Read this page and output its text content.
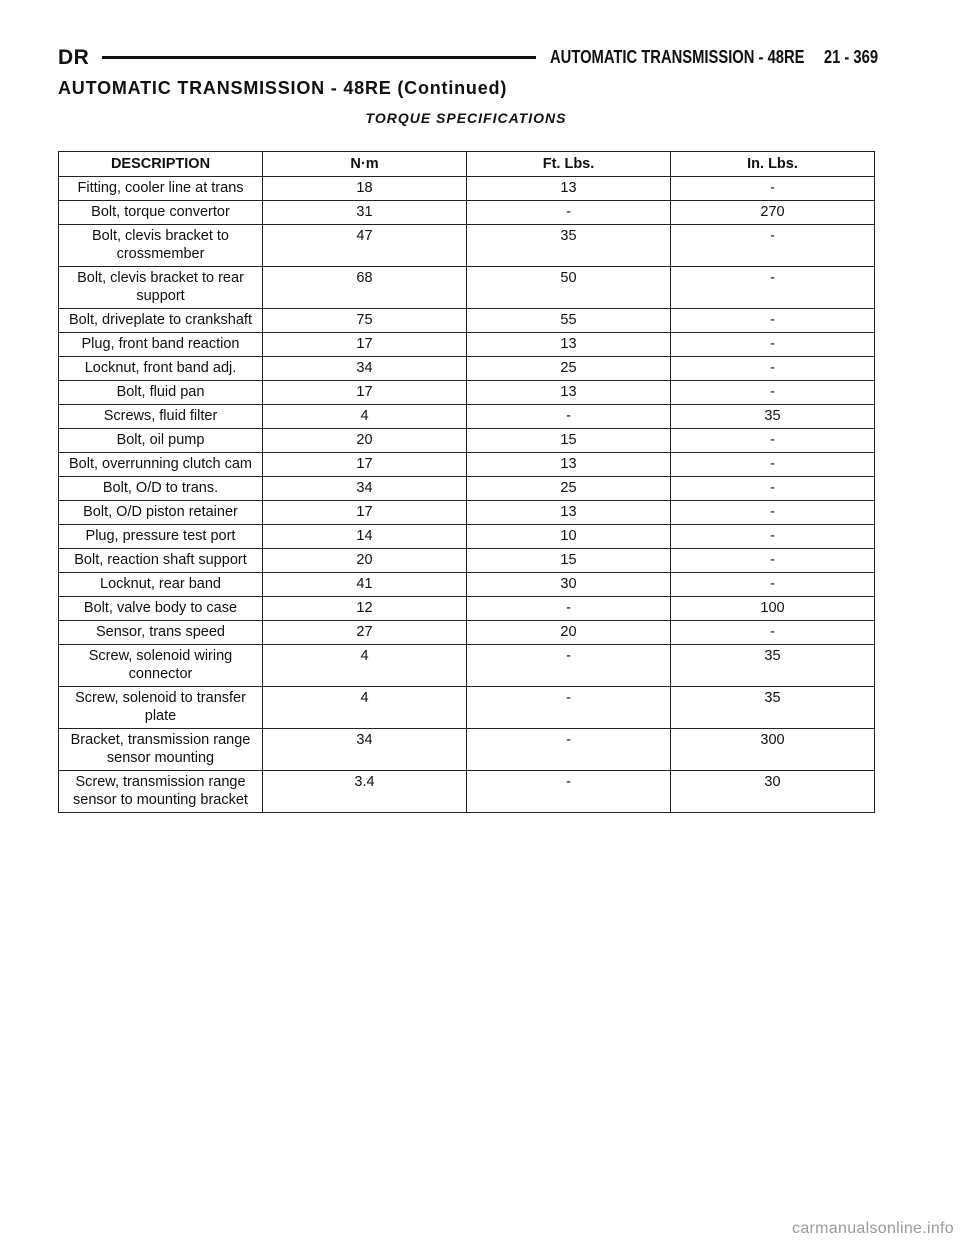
DR	AUTOMATIC TRANSMISSION - 48RE 21 - 369
AUTOMATIC TRANSMISSION - 48RE (Continued)
TORQUE SPECIFICATIONS
DESCRIPTION	N·m	Ft. Lbs.	In. Lbs.
Fitting, cooler line at trans	18	13	-
Bolt, torque convertor	31	-	270
Bolt, clevis bracket to crossmember	47	35	-
Bolt, clevis bracket to rear support	68	50	-
Bolt, driveplate to crankshaft	75	55	-
Plug, front band reaction	17	13	-
Locknut, front band adj.	34	25	-
Bolt, fluid pan	17	13	-
Screws, fluid filter	4	-	35
Bolt, oil pump	20	15	-
Bolt, overrunning clutch cam	17	13	-
Bolt, O/D to trans.	34	25	-
Bolt, O/D piston retainer	17	13	-
Plug, pressure test port	14	10	-
Bolt, reaction shaft support	20	15	-
Locknut, rear band	41	30	-
Bolt, valve body to case	12	-	100
Sensor, trans speed	27	20	-
Screw, solenoid wiring connector	4	-	35
Screw, solenoid to transfer plate	4	-	35
Bracket, transmission range sensor mounting	34	-	300
Screw, transmission range sensor to mounting bracket	3.4	-	30
carmanualsonline.info
